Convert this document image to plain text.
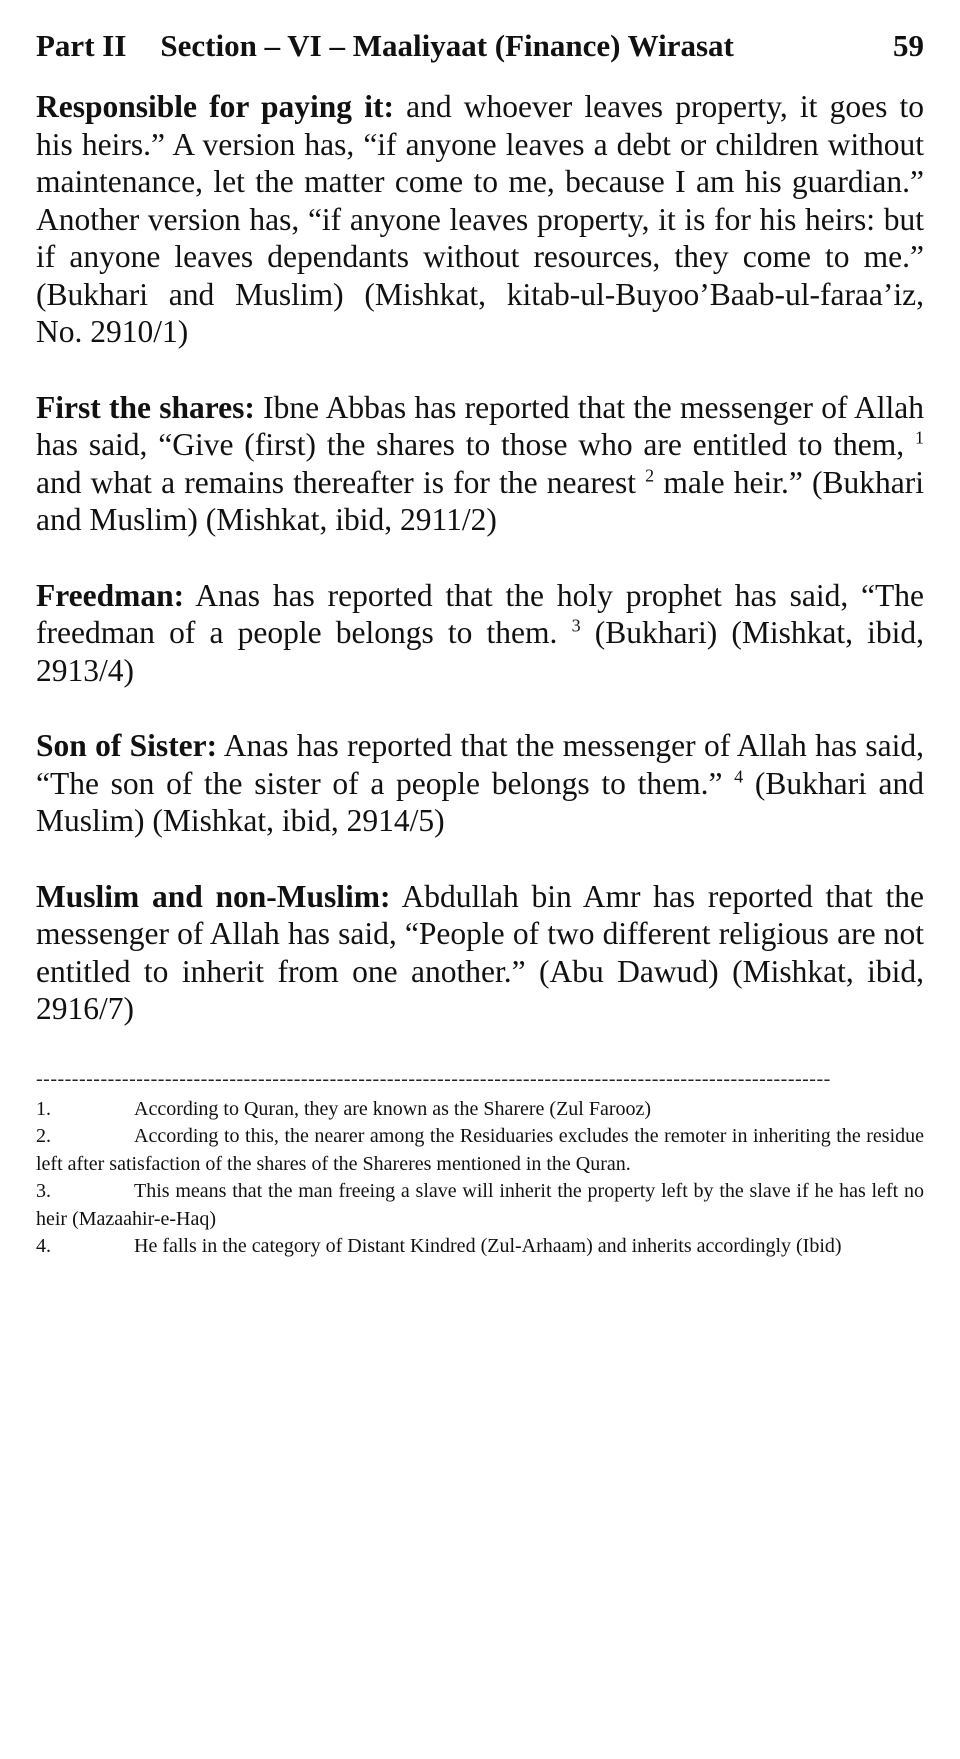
Part II Section – VI – Maaliyaat (Finance) Wirasat	59

Responsible for paying it: and whoever leaves property, it goes to his heirs.” A version has, “if anyone leaves a debt or children without maintenance, let the matter come to me, because I am his guardian.” Another version has, “if anyone leaves property, it is for his heirs: but if anyone leaves dependants without resources, they come to me.” (Bukhari and Muslim) (Mishkat, kitab-ul-Buyoo’Baab-ul-faraa’iz, No. 2910/1)

First the shares: Ibne Abbas has reported that the messenger of Allah has said, “Give (first) the shares to those who are entitled to them, $^1$ and what a remains thereafter is for the nearest $^2$ male heir.” (Bukhari and Muslim) (Mishkat, ibid, 2911/2)

Freedman: Anas has reported that the holy prophet has said, “The freedman of a people belongs to them. $^3$ (Bukhari) (Mishkat, ibid, 2913/4)

Son of Sister: Anas has reported that the messenger of Allah has said, “The son of the sister of a people belongs to them.” $^4$ (Bukhari and Muslim) (Mishkat, ibid, 2914/5)

Muslim and non-Muslim: Abdullah bin Amr has reported that the messenger of Allah has said, “People of two different religious are not entitled to inherit from one another.” (Abu Dawud) (Mishkat, ibid, 2916/7)

---------------------------------------------------------------------------------------------------------------
1.	According to Quran, they are known as the Sharere (Zul Farooz)
2.	According to this, the nearer among the Residuaries excludes the remoter in inheriting the residue left after satisfaction of the shares of the Shareres mentioned in the Quran.
3.	This means that the man freeing a slave will inherit the property left by the slave if he has left no heir (Mazaahir-e-Haq)
4.	He falls in the category of Distant Kindred (Zul-Arhaam) and inherits accordingly (Ibid)
